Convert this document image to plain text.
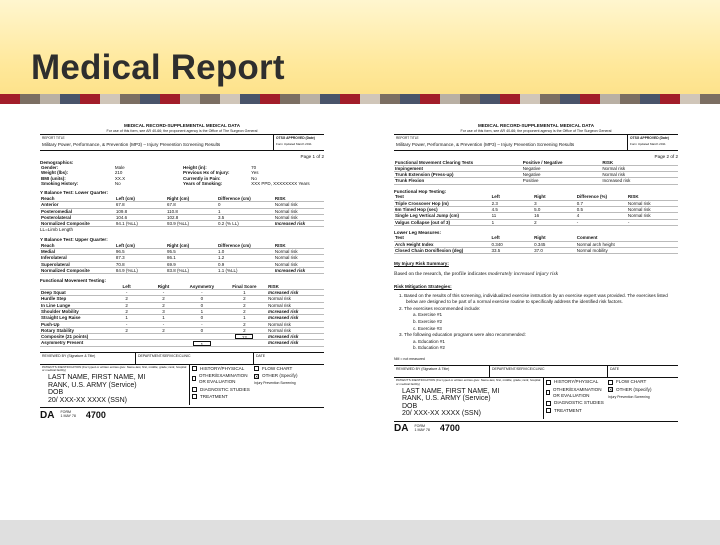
Medical Report
MEDICAL RECORD-SUPPLEMENTAL MEDICAL DATA
For use of this form, see AR 40-66; the proponent agency is the Office of The Surgeon General
REPORT TITLE
Military Power, Performance, & Prevention (MP3) – Injury Prevention Screening Results
OTSG APPROVED (Date)
Form Updated March 2011
Page 1 of 2
Demographics:
Gender:	Male	Height (in):	70
Weight (lbs):	210	Previous Hx of Injury:	Yes
BMI (units):	XX.X	Currently in Pain:	No
Smoking History:	No	Years of Smoking:	XXX PPD, XXXXXXXX Years
Y Balance Test: Lower Quarter:
Reach	Left (cm)	Right (cm)	Difference (cm)	RISK
Anterior	67.8	67.8	0	Normal risk
Posteromedial	109.8	110.8	1	Normal risk
Posterolateral	104.6	102.8	3.5	Normal risk
Normalized Composite	94.1 (%LL)	93.9 (%LL)	0.2 (% LL)	Increased risk
LL=Limb Length
Y Balance Test: Upper Quarter:
Reach	Left (cm)	Right (cm)	Difference (cm)	RISK
Medial	96.5	95.5	1.0	Normal risk
Inferolateral	87.3	86.1	1.2	Normal risk
Superolateral	70.8	69.9	0.9	Normal risk
Normalized Composite	84.9 (%LL)	83.8 (%LL)	1.1 (%LL)	Increased risk
Functional Movement Testing:
	Left	Right	Asymmetry	Final Score	RISK
Deep Squat	-	-	-	1	Increased risk
Hurdle Step	2	2	0	2	Normal risk
In Line Lunge	2	2	0	2	Normal risk
Shoulder Mobility	2	3	1	2	Increased risk
Straight Leg Raise	1	1	0	1	Increased risk
Push-Up	-	-	-	2	Normal risk
Rotary Stability	2	2	0	2	Normal risk
Composite (21 points)				12	Increased risk
Asymmetry Present			1		Increased risk
REVIEWED BY (Signature & Title)	DEPARTMENT/SERVICE/CLINIC	DATE
PATIENT'S IDENTIFICATION (For typed or written entries give: Name-last, first, middle; grade; rank; hospital or medical facility)
LAST NAME, FIRST NAME, MI
RANK, U.S. ARMY (Service)
DOB
20/ XXX-XX XXXX (SSN)
HISTORY/PHYSICAL
OTHER/EXAMINATION OR EVALUATION
DIAGNOSTIC STUDIES
TREATMENT
FLOW CHART
✕ OTHER (Specify)
Injury Prevention Screening
DA FORM
1 MAY 78 4700
MEDICAL RECORD-SUPPLEMENTAL MEDICAL DATA
For use of this form, see AR 40-66; the proponent agency is the Office of The Surgeon General
REPORT TITLE
Military Power, Performance, & Prevention (MP3) – Injury Prevention Screening Results
OTSG APPROVED (Date)
Form Updated March 2011
Page 2 of 2
Functional Movement Clearing Tests	Positive / Negative	RISK
Impingement	Negative	Normal risk
Trunk Extension (Press-up)	Negative	Normal risk
Trunk Flexion	Positive	Increased risk
Functional Hop Testing:
Test	Left	Right	Difference (%)	RISK
Triple Crossover Hop (m)	2.3	3	0.7	Normal risk
6m Timed Hop (sec)	4.5	5.0	0.5	Normal risk
Single Leg Vertical Jump (cm)	11	16	4	Normal risk
Valgus Collapse (out of 3)	1	2	-	-
Lower Leg Measures:
Test	Left	Right	Comment
Arch Height Index	0.340	0.345	Normal arch height
Closed Chain Dorsiflexion (deg)	33.5	37.0	Normal mobility
My Injury Risk Summary:
Based on the research, the profile indicates moderately increased injury risk
Risk Mitigation Strategies:
1. Based on the results of this screening, individualized exercise instruction by an exercise expert was provided. The exercises listed below are designed to be part of a normal exercise routine to specifically address the identified risk factors.
2. The exercises recommended include:
a. Exercise #1
b. Exercise #2
c. Exercise #3
3. The following education programs were also recommended:
a. Education #1
b. Education #2
NM = not measured
REVIEWED BY (Signature & Title)	DEPARTMENT/SERVICE/CLINIC	DATE
PATIENT'S IDENTIFICATION (For typed or written entries give: Name-last, first, middle; grade; rank; hospital or medical facility)
LAST NAME, FIRST NAME, MI
RANK, U.S. ARMY (Service)
DOB
20/ XXX-XX XXXX (SSN)
HISTORY/PHYSICAL
OTHER/EXAMINATION OR EVALUATION
DIAGNOSTIC STUDIES
TREATMENT
FLOW CHART
✕ OTHER (Specify)
Injury Prevention Screening
DA FORM
1 MAY 78 4700
